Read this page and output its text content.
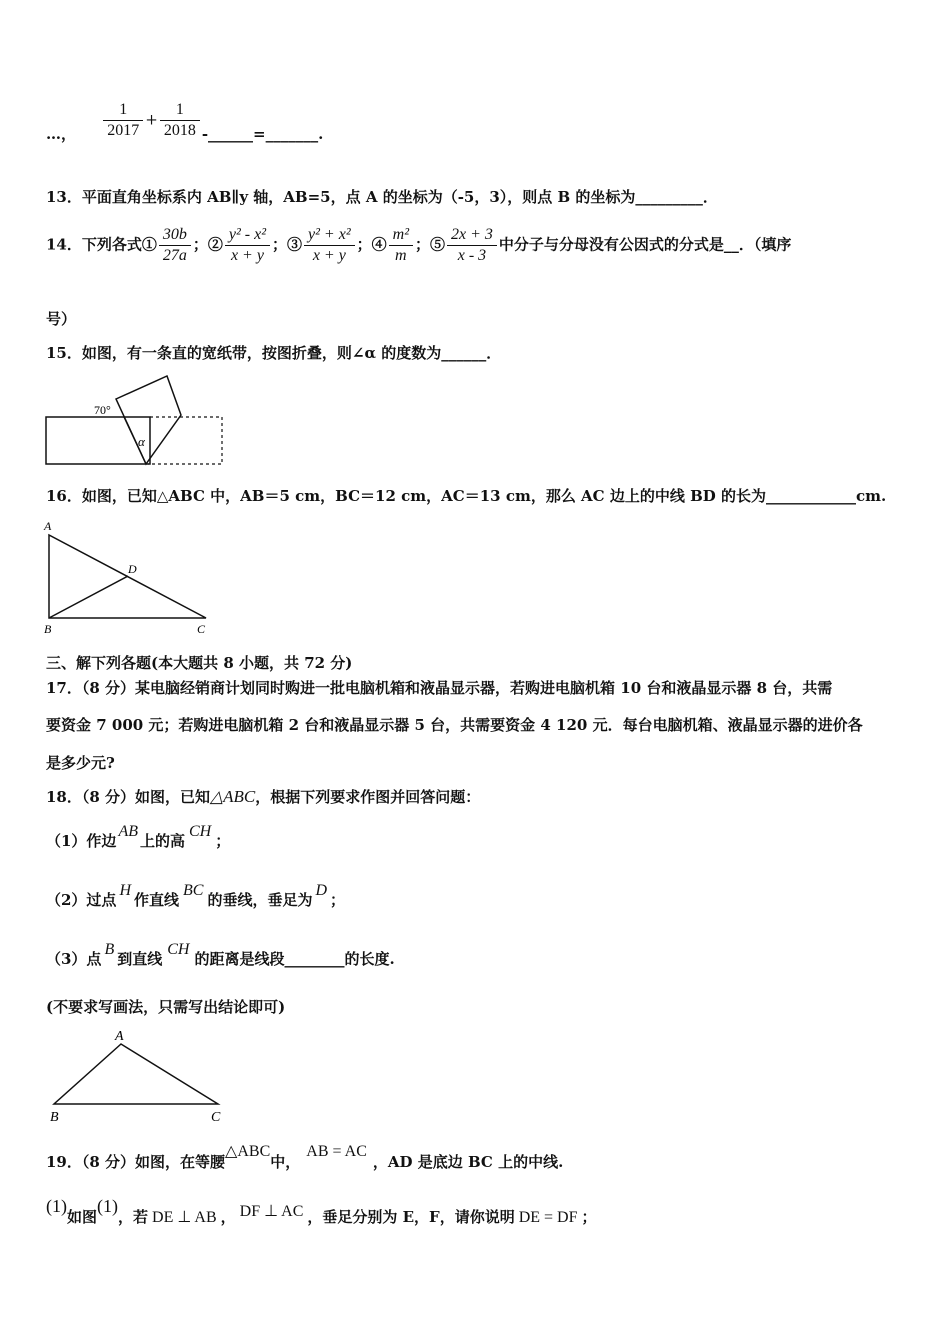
…， $\frac{1}{2017} + \frac{1}{2018}$ -______=_______.
13．平面直角坐标系内 AB∥y 轴，AB=5，点 A 的坐标为（-5，3），则点 B 的坐标为_________．
14．下列各式① $\frac{30b}{27a}$ ；② $\frac{\text{y² - x²}}{x + y}$ ；③ $\frac{\text{y² + x²}}{x + y}$ ；④ $\frac{\text{m²}}{m}$ ；⑤ $\frac{2x + 3}{x - 3}$ 中分子与分母没有公因式的分式是__．（填序
号）
15．如图，有一条直的宽纸带，按图折叠，则∠α 的度数为______．
70°
α
16．如图，已知△ABC 中，AB＝5 cm，BC＝12 cm，AC＝13 cm，那么 AC 边上的中线 BD 的长为____________cm.
A
B	C
D
三、解下列各题(本大题共 8 小题，共 72 分)
17．（8 分）某电脑经销商计划同时购进一批电脑机箱和液晶显示器，若购进电脑机箱 10 台和液晶显示器 8 台，共需
要资金 7 000 元；若购进电脑机箱 2 台和液晶显示器 5 台，共需要资金 4 120 元．每台电脑机箱、液晶显示器的进价各
是多少元?
18．（8 分）如图，已知△ABC，根据下列要求作图并回答问题：
（1）作边AB上的高CH；
（2）过点H作直线BC的垂线，垂足为D；
（3）点B到直线CH的距离是线段________的长度.
(不要求写画法，只需写出结论即可)
A
B	C
19．（8 分）如图，在等腰△ABC中，AB = AC，AD 是底边 BC 上的中线.
(1)如图(1)，若 DE ⊥ AB ， DF ⊥ AC ，垂足分别为 E，F，请你说明 DE = DF ；
